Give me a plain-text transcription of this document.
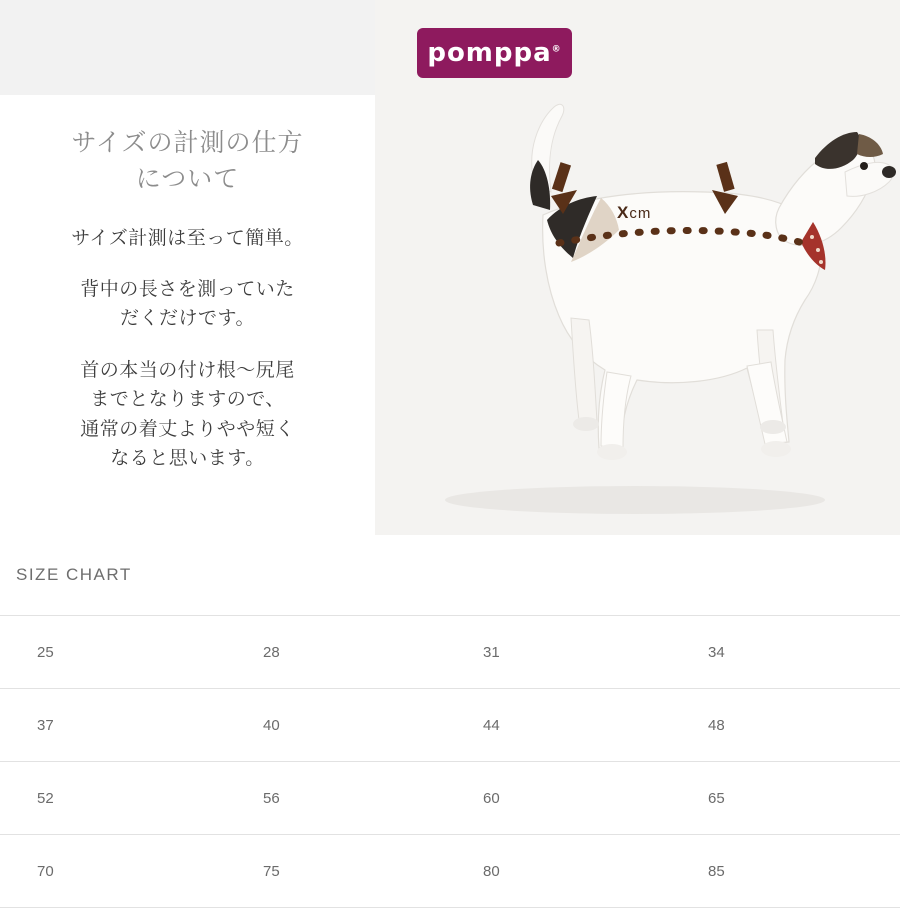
Xcm
pomppa®
サイズの計測の仕方
について

サイズ計測は至って簡単。

背中の長さを測っていた
だくだけです。

首の本当の付け根〜尻尾
までとなりますので、
通常の着丈よりやや短く
なると思います。

SIZE CHART
25	28	31	34
37	40	44	48
52	56	60	65
70	75	80	85
